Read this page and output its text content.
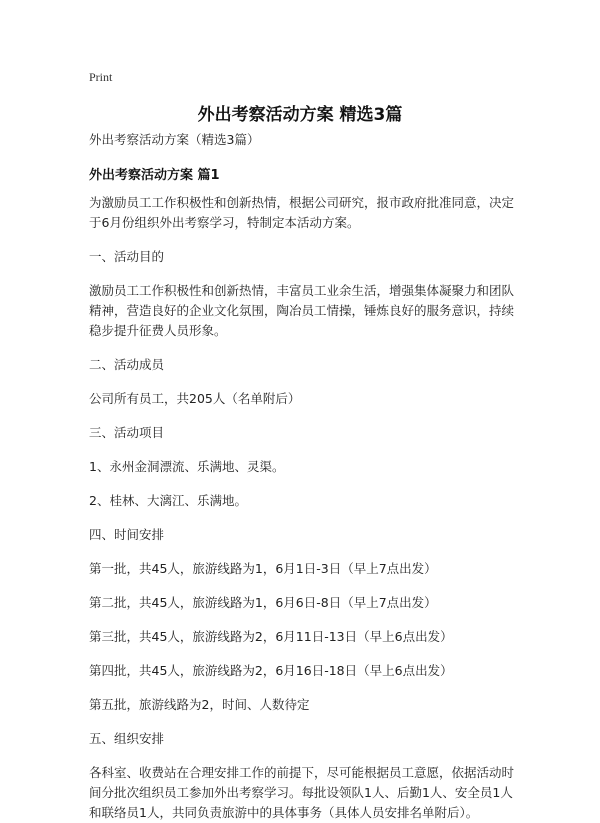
Print
外出考察活动方案 精选3篇

外出考察活动方案（精选3篇）

外出考察活动方案 篇1

为激励员工工作积极性和创新热情，根据公司研究，报市政府批准同意，决定于6月份组织外出考察学习，特制定本活动方案。

一、活动目的

激励员工工作积极性和创新热情，丰富员工业余生活，增强集体凝聚力和团队精神，营造良好的企业文化氛围，陶冶员工情操，锤炼良好的服务意识，持续稳步提升征费人员形象。

二、活动成员

公司所有员工，共205人（名单附后）

三、活动项目

1、永州金洞漂流、乐满地、灵渠。

2、桂林、大漓江、乐满地。

四、时间安排

第一批，共45人，旅游线路为1，6月1日-3日（早上7点出发）

第二批，共45人，旅游线路为1，6月6日-8日（早上7点出发）

第三批，共45人，旅游线路为2，6月11日-13日（早上6点出发）

第四批，共45人，旅游线路为2，6月16日-18日（早上6点出发）

第五批，旅游线路为2，时间、人数待定

五、组织安排

各科室、收费站在合理安排工作的前提下，尽可能根据员工意愿，依据活动时间分批次组织员工参加外出考察学习。每批设领队1人、后勤1人、安全员1人和联络员1人，共同负责旅游中的具体事务（具体人员安排名单附后）。
